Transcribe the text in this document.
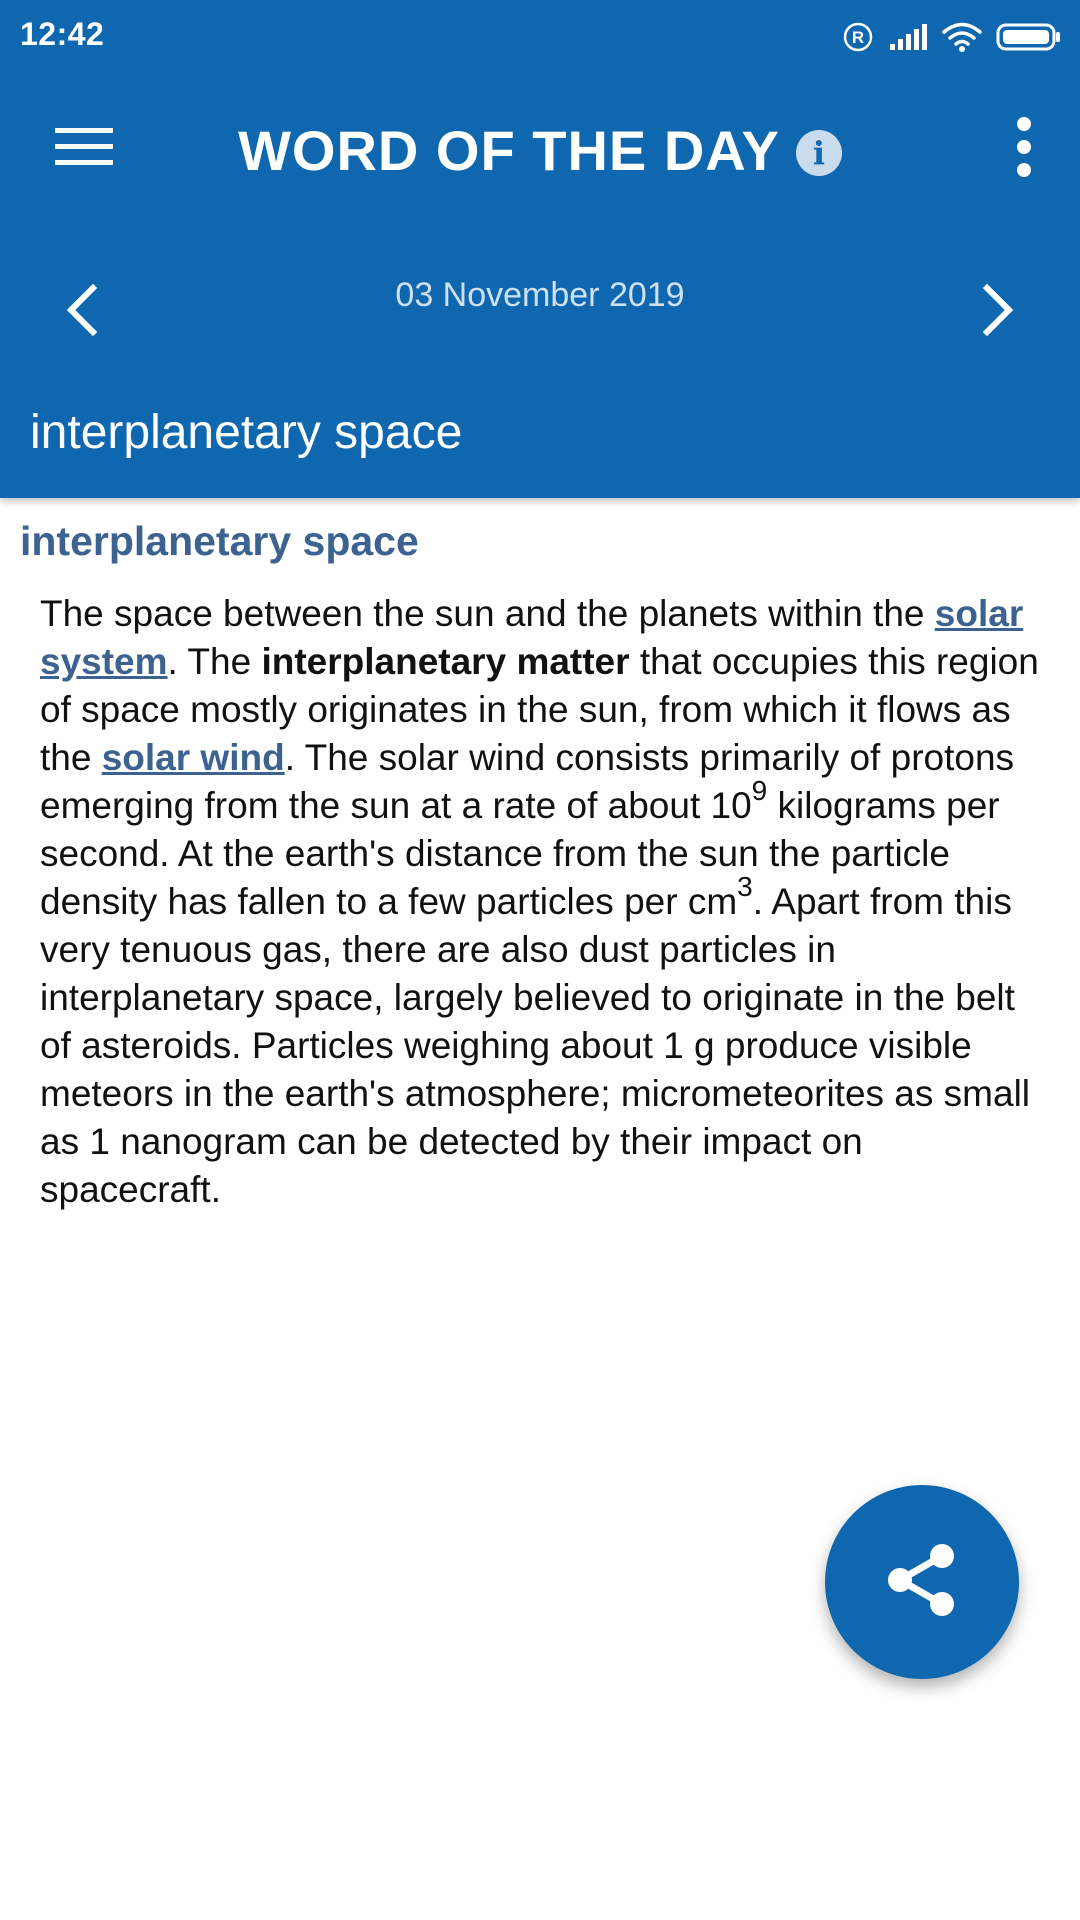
12:42	R
WORD OF THE DAY	i
03 November 2019
interplanetary space
interplanetary space

The space between the sun and the planets within the solar system. The interplanetary matter that occupies this region of space mostly originates in the sun, from which it flows as the solar wind. The solar wind consists primarily of protons emerging from the sun at a rate of about $10^9$ kilograms per second. At the earth's distance from the sun the particle density has fallen to a few particles per $cm^3$. Apart from this very tenuous gas, there are also dust particles in interplanetary space, largely believed to originate in the belt of asteroids. Particles weighing about 1 g produce visible meteors in the earth's atmosphere; micrometeorites as small as 1 nanogram can be detected by their impact on spacecraft.
